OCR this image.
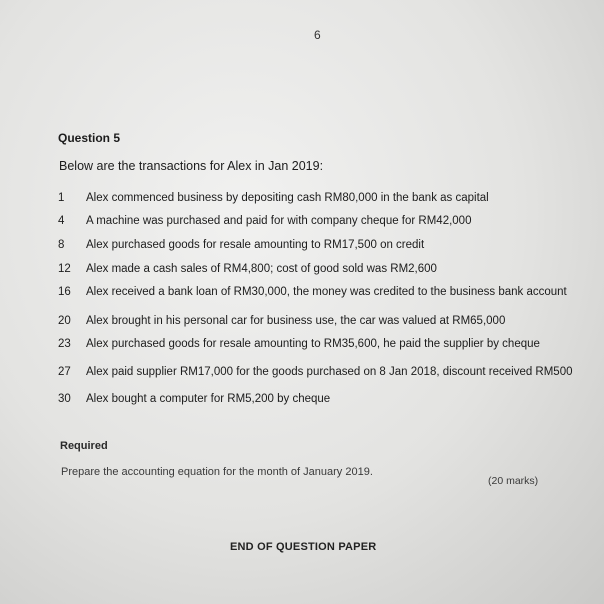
6
Question 5
Below are the transactions for Alex in Jan 2019:
1	Alex commenced business by depositing cash RM80,000 in the bank as capital
4	A machine was purchased and paid for with company cheque for RM42,000
8	Alex purchased goods for resale amounting to RM17,500 on credit
12	Alex made a cash sales of RM4,800; cost of good sold was RM2,600
16	Alex received a bank loan of RM30,000, the money was credited to the business bank account
20	Alex brought in his personal car for business use, the car was valued at RM65,000
23	Alex purchased goods for resale amounting to RM35,600, he paid the supplier by cheque
27	Alex paid supplier RM17,000 for the goods purchased on 8 Jan 2018, discount received RM500
30	Alex bought a computer for RM5,200 by cheque
Required
Prepare the accounting equation for the month of January 2019.
(20 marks)
END OF QUESTION PAPER
